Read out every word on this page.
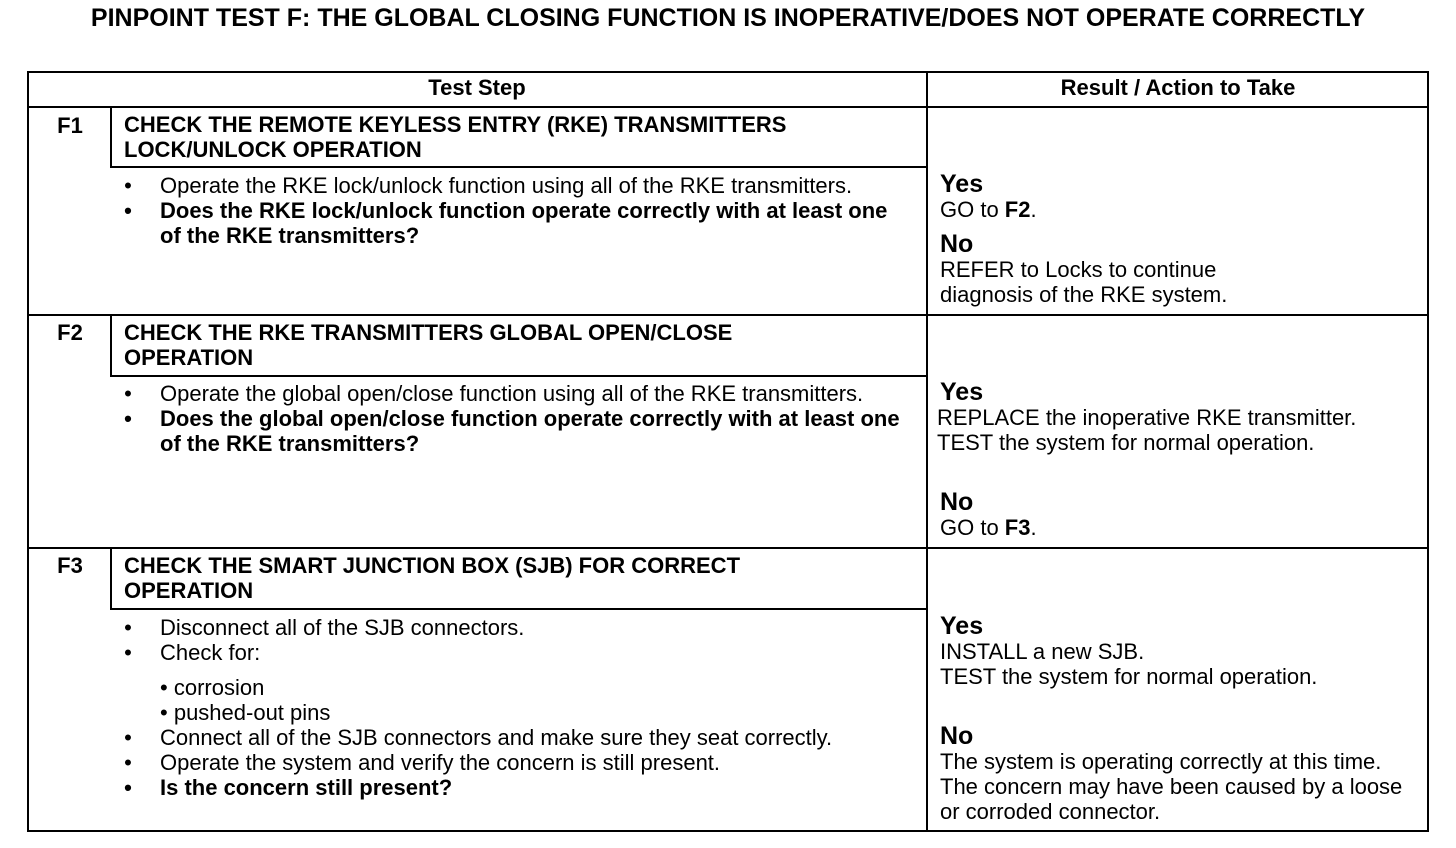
PINPOINT TEST F: THE GLOBAL CLOSING FUNCTION IS INOPERATIVE/DOES NOT OPERATE CORRECTLY
Test Step	Result / Action to Take
F1	CHECK THE REMOTE KEYLESS ENTRY (RKE) TRANSMITTERS LOCK/UNLOCK OPERATION
• Operate the RKE lock/unlock function using all of the RKE transmitters.
• Does the RKE lock/unlock function operate correctly with at least one of the RKE transmitters?
Yes
GO to F2.
No
REFER to Locks to continue diagnosis of the RKE system.
F2	CHECK THE RKE TRANSMITTERS GLOBAL OPEN/CLOSE OPERATION
• Operate the global open/close function using all of the RKE transmitters.
• Does the global open/close function operate correctly with at least one of the RKE transmitters?
Yes
REPLACE the inoperative RKE transmitter.
TEST the system for normal operation.
No
GO to F3.
F3	CHECK THE SMART JUNCTION BOX (SJB) FOR CORRECT OPERATION
• Disconnect all of the SJB connectors.
• Check for:
• corrosion
• pushed-out pins
• Connect all of the SJB connectors and make sure they seat correctly.
• Operate the system and verify the concern is still present.
• Is the concern still present?
Yes
INSTALL a new SJB.
TEST the system for normal operation.
No
The system is operating correctly at this time. The concern may have been caused by a loose or corroded connector.
